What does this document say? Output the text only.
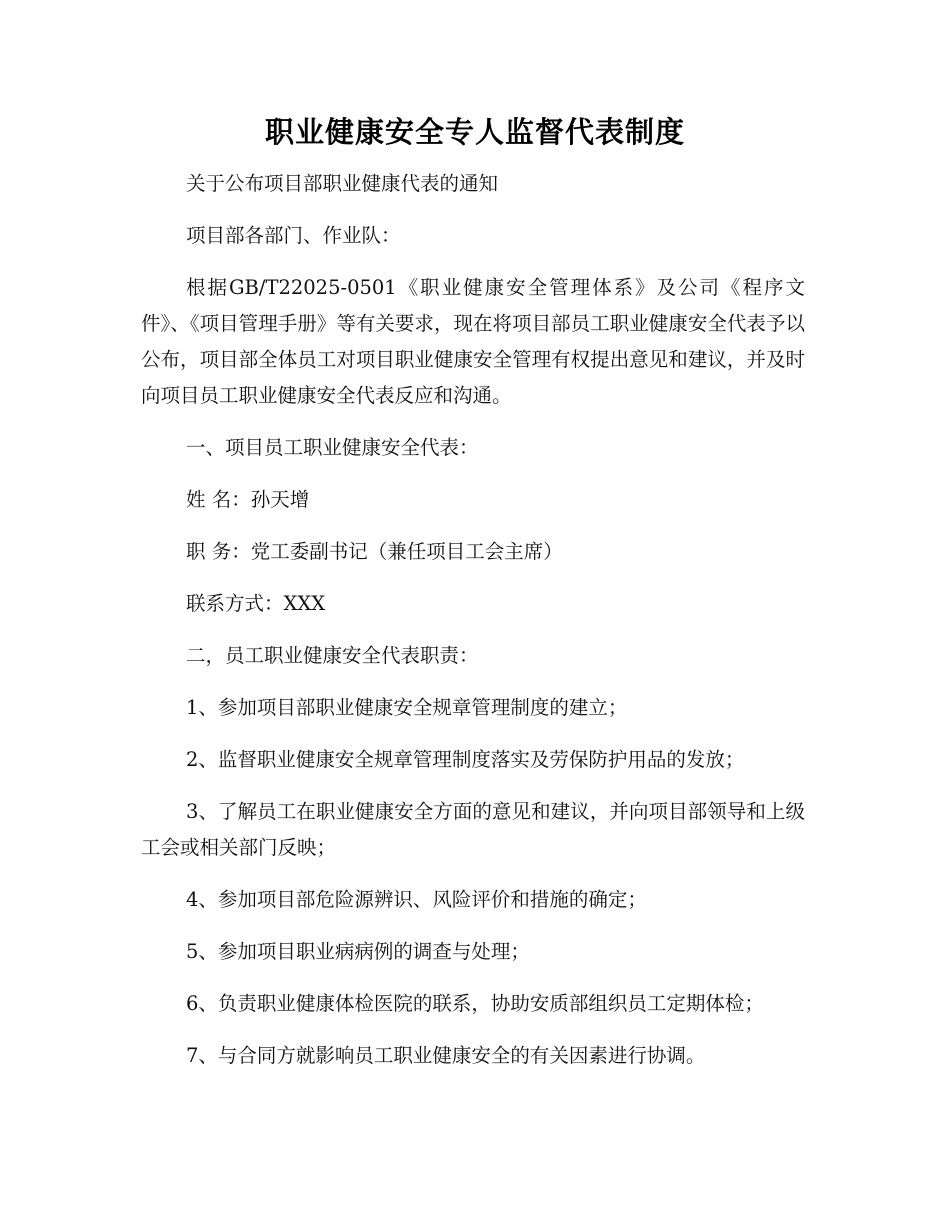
职业健康安全专人监督代表制度

关于公布项目部职业健康代表的通知

项目部各部门、作业队：

根据GB/T22025-0501《职业健康安全管理体系》及公司《程序文件》、《项目管理手册》等有关要求，现在将项目部员工职业健康安全代表予以公布，项目部全体员工对项目职业健康安全管理有权提出意见和建议，并及时向项目员工职业健康安全代表反应和沟通。

一、项目员工职业健康安全代表：

姓 名：孙天增

职 务：党工委副书记（兼任项目工会主席）

联系方式：XXX

二，员工职业健康安全代表职责：

1、参加项目部职业健康安全规章管理制度的建立；

2、监督职业健康安全规章管理制度落实及劳保防护用品的发放；

3、了解员工在职业健康安全方面的意见和建议，并向项目部领导和上级工会或相关部门反映；

4、参加项目部危险源辨识、风险评价和措施的确定；

5、参加项目职业病病例的调查与处理；

6、负责职业健康体检医院的联系，协助安质部组织员工定期体检；

7、与合同方就影响员工职业健康安全的有关因素进行协调。
